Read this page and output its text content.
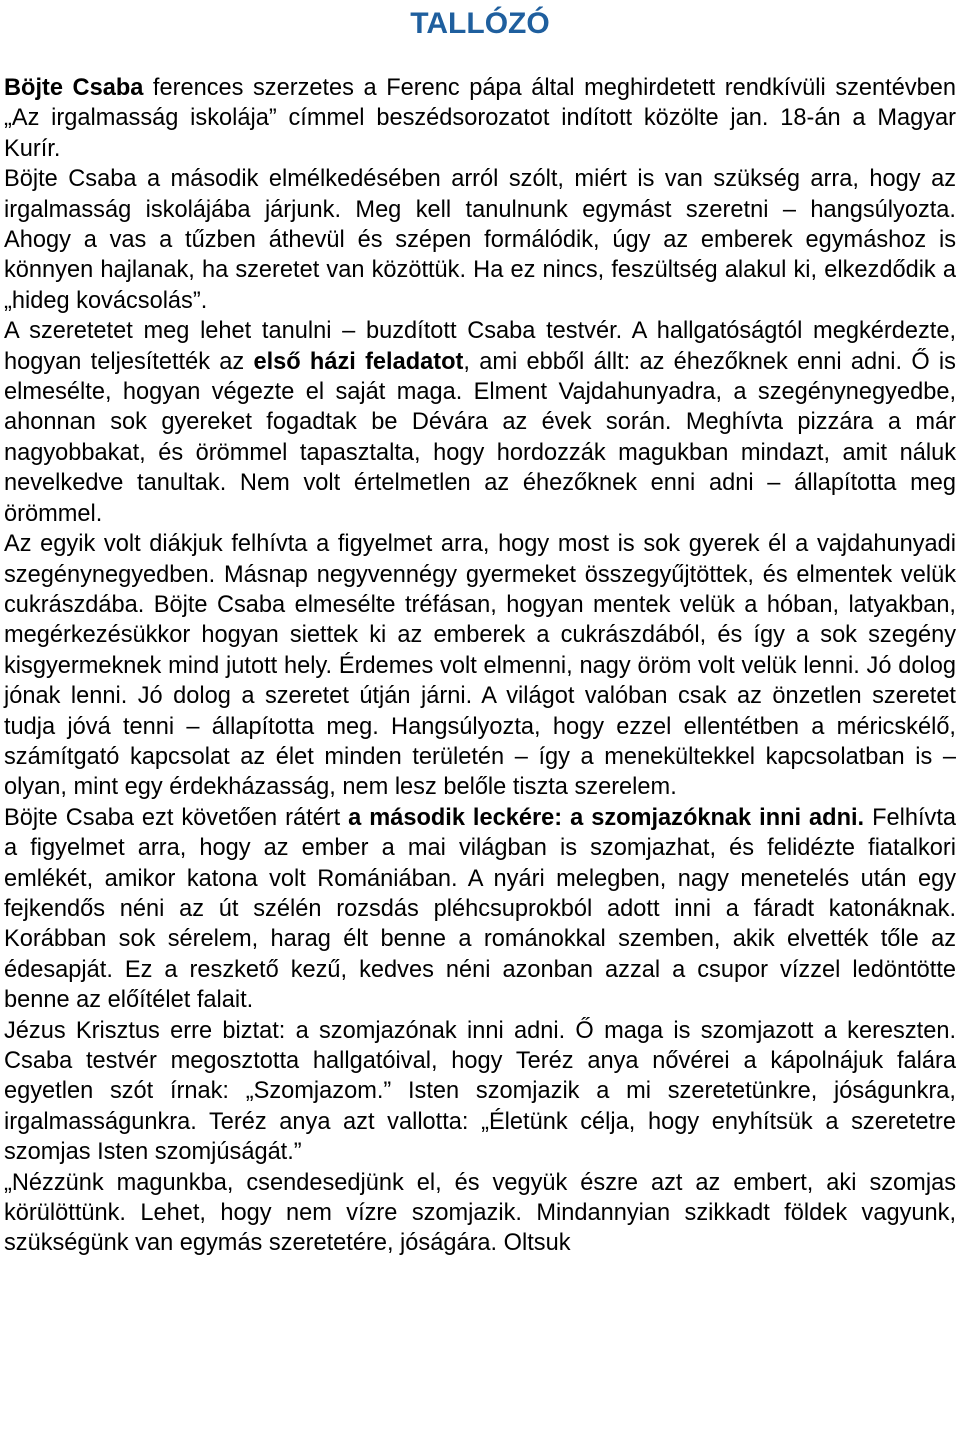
TALLÓZÓ

Böjte Csaba ferences szerzetes a Ferenc pápa által meghirdetett rendkívüli szentévben „Az irgalmasság iskolája” címmel beszédsorozatot indított közölte jan. 18-án a Magyar Kurír.

Böjte Csaba a második elmélkedésében arról szólt, miért is van szükség arra, hogy az irgalmasság iskolájába járjunk. Meg kell tanulnunk egymást szeretni – hangsúlyozta. Ahogy a vas a tűzben áthevül és szépen formálódik, úgy az emberek egymáshoz is könnyen hajlanak, ha szeretet van közöttük. Ha ez nincs, feszültség alakul ki, elkezdődik a „hideg kovácsolás”.

A szeretetet meg lehet tanulni – buzdított Csaba testvér. A hallgatóságtól megkérdezte, hogyan teljesítették az első házi feladatot, ami ebből állt: az éhezőknek enni adni. Ő is elmesélte, hogyan végezte el saját maga. Elment Vajdahunyadra, a szegénynegyedbe, ahonnan sok gyereket fogadtak be Dévára az évek során. Meghívta pizzára a már nagyobbakat, és örömmel tapasztalta, hogy hordozzák magukban mindazt, amit náluk nevelkedve tanultak. Nem volt értelmetlen az éhezőknek enni adni – állapította meg örömmel.

Az egyik volt diákjuk felhívta a figyelmet arra, hogy most is sok gyerek él a vajdahunyadi szegénynegyedben. Másnap negyvennégy gyermeket összegyűjtöttek, és elmentek velük cukrászdába. Böjte Csaba elmesélte tréfásan, hogyan mentek velük a hóban, latyakban, megérkezésükkor hogyan siettek ki az emberek a cukrászdából, és így a sok szegény kisgyermeknek mind jutott hely. Érdemes volt elmenni, nagy öröm volt velük lenni. Jó dolog jónak lenni. Jó dolog a szeretet útján járni. A világot valóban csak az önzetlen szeretet tudja jóvá tenni – állapította meg. Hangsúlyozta, hogy ezzel ellentétben a méricskélő, számítgató kapcsolat az élet minden területén – így a menekültekkel kapcsolatban is – olyan, mint egy érdekházasság, nem lesz belőle tiszta szerelem.

Böjte Csaba ezt követően rátért a második leckére: a szomjazóknak inni adni. Felhívta a figyelmet arra, hogy az ember a mai világban is szomjazhat, és felidézte fiatalkori emlékét, amikor katona volt Romániában. A nyári melegben, nagy menetelés után egy fejkendős néni az út szélén rozsdás pléhcsuprokból adott inni a fáradt katonáknak. Korábban sok sérelem, harag élt benne a románokkal szemben, akik elvették tőle az édesapját. Ez a reszkető kezű, kedves néni azonban azzal a csupor vízzel ledöntötte benne az előítélet falait.

Jézus Krisztus erre biztat: a szomjazónak inni adni. Ő maga is szomjazott a kereszten. Csaba testvér megosztotta hallgatóival, hogy Teréz anya nővérei a kápolnájuk falára egyetlen szót írnak: „Szomjazom.” Isten szomjazik a mi szeretetünkre, jóságunkra, irgalmasságunkra. Teréz anya azt vallotta: „Életünk célja, hogy enyhítsük a szeretetre szomjas Isten szomjúságát.”

„Nézzünk magunkba, csendesedjünk el, és vegyük észre azt az embert, aki szomjas körülöttünk. Lehet, hogy nem vízre szomjazik. Mindannyian szikkadt földek vagyunk, szükségünk van egymás szeretetére, jóságára. Oltsuk
